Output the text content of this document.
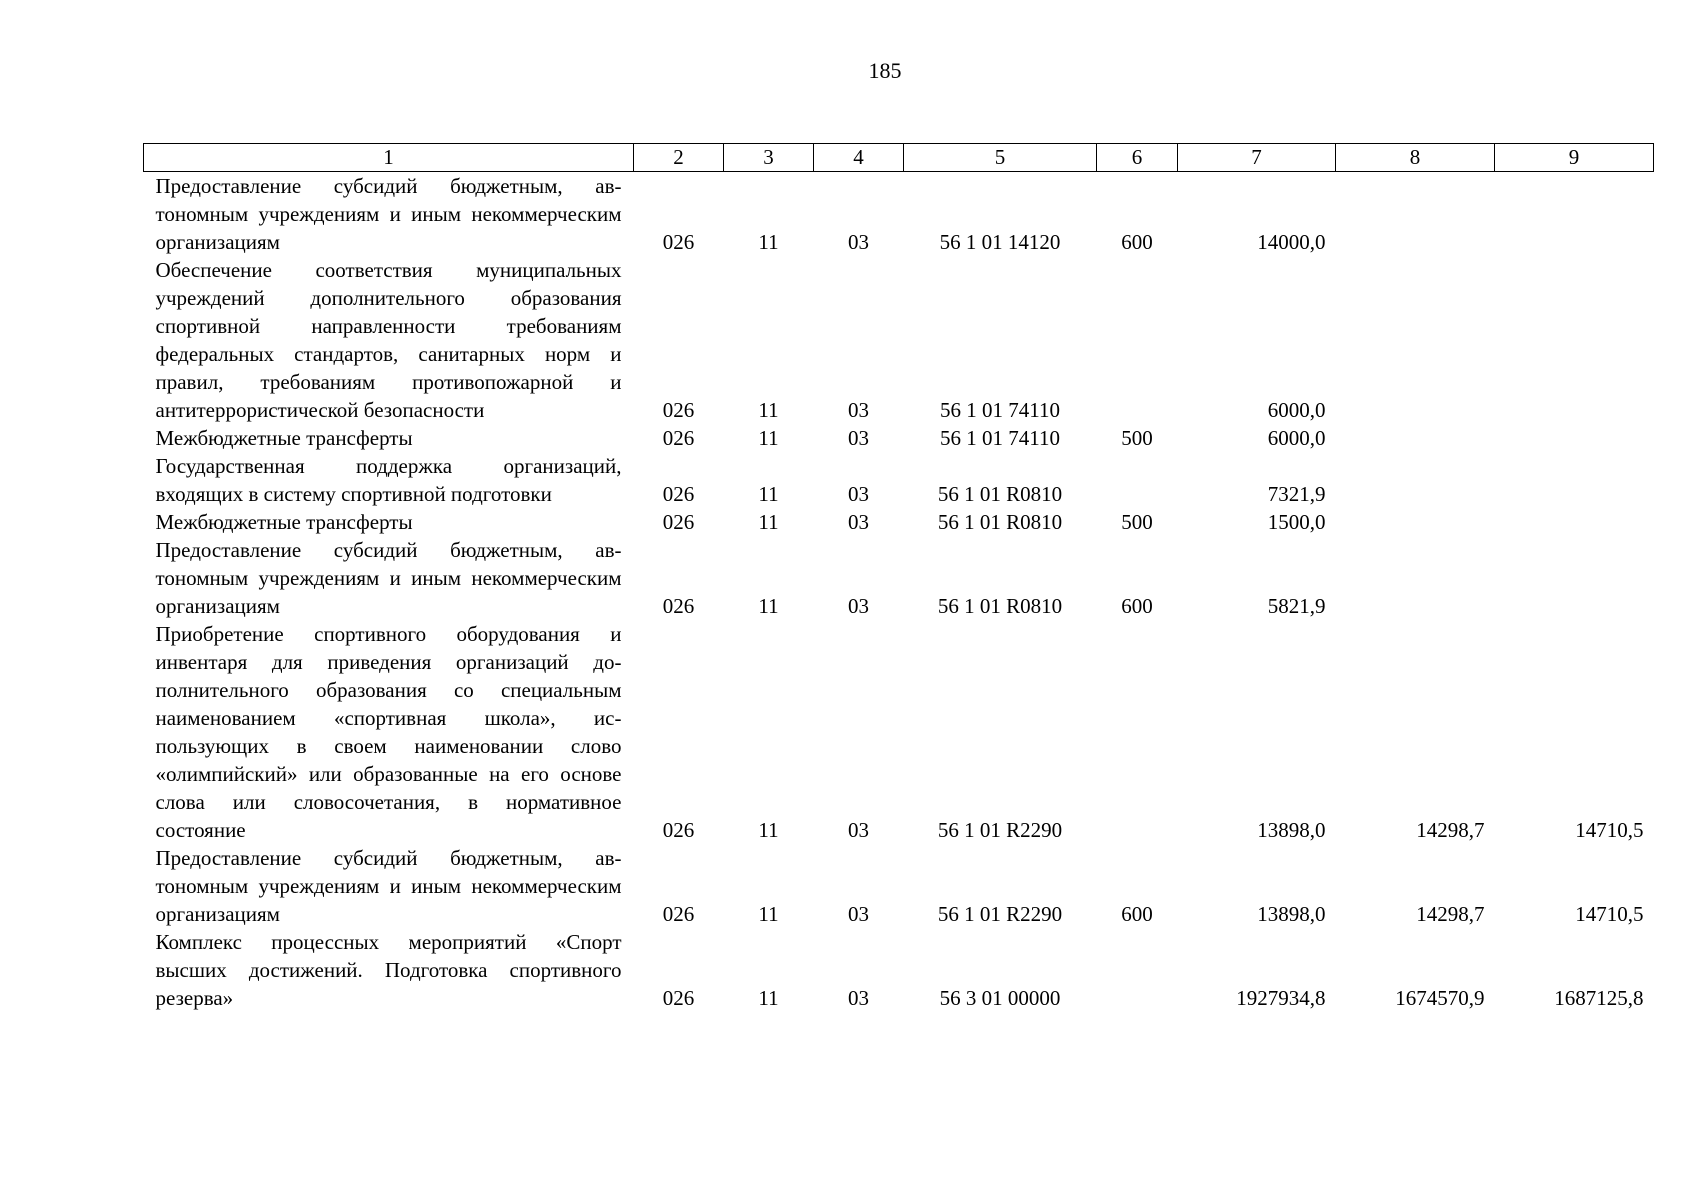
185
1	2	3	4	5	6	7	8	9
Предоставление субсидий бюджетным, автономным учреждениям и иным некоммерческим организациям	026	11	03	56 1 01 14120	600	14000,0		
Обеспечение соответствия муниципальных учреждений дополнительного образования спортивной направленности требованиям федеральных стандартов, санитарных норм и правил, требованиям противопожарной и антитеррористической безопасности	026	11	03	56 1 01 74110		6000,0		
Межбюджетные трансферты	026	11	03	56 1 01 74110	500	6000,0		
Государственная поддержка организаций, входящих в систему спортивной подготовки	026	11	03	56 1 01 R0810		7321,9		
Межбюджетные трансферты	026	11	03	56 1 01 R0810	500	1500,0		
Предоставление субсидий бюджетным, автономным учреждениям и иным некоммерческим организациям	026	11	03	56 1 01 R0810	600	5821,9		
Приобретение спортивного оборудования и инвентаря для приведения организаций дополнительного образования со специальным наименованием «спортивная школа», использующих в своем наименовании слово «олимпийский» или образованные на его основе слова или словосочетания, в нормативное состояние	026	11	03	56 1 01 R2290		13898,0	14298,7	14710,5
Предоставление субсидий бюджетным, автономным учреждениям и иным некоммерческим организациям	026	11	03	56 1 01 R2290	600	13898,0	14298,7	14710,5
Комплекс процессных мероприятий «Спорт высших достижений. Подготовка спортивного резерва»	026	11	03	56 3 01 00000		1927934,8	1674570,9	1687125,8
